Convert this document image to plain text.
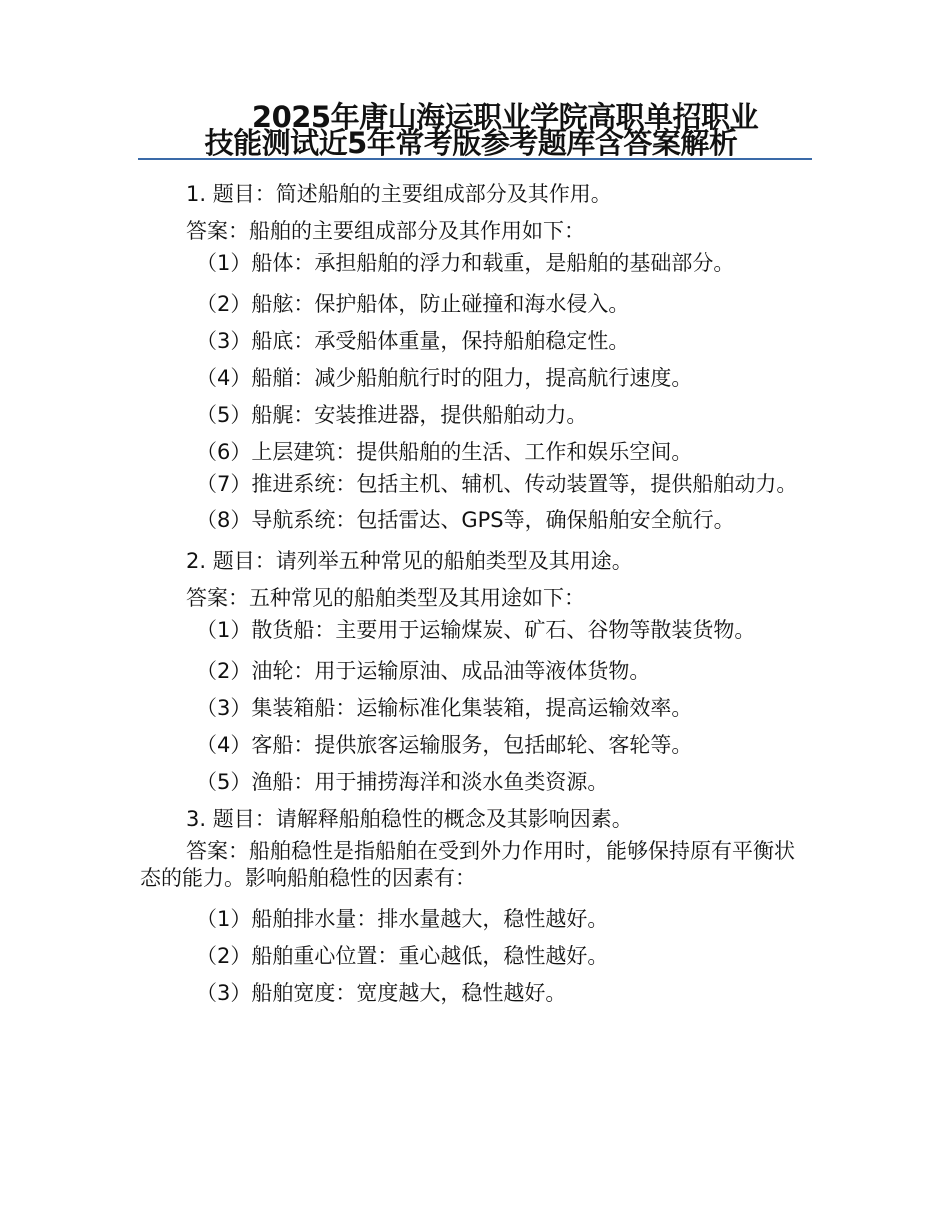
2025年唐山海运职业学院高职单招职业
技能测试近5年常考版参考题库含答案解析

1. 题目：简述船舶的主要组成部分及其作用。

答案：船舶的主要组成部分及其作用如下：

（1）船体：承担船舶的浮力和载重，是船舶的基础部分。

（2）船舷：保护船体，防止碰撞和海水侵入。

（3）船底：承受船体重量，保持船舶稳定性。

（4）船艏：减少船舶航行时的阻力，提高航行速度。

（5）船艉：安装推进器，提供船舶动力。

（6）上层建筑：提供船舶的生活、工作和娱乐空间。

（7）推进系统：包括主机、辅机、传动装置等，提供船舶动力。

（8）导航系统：包括雷达、GPS等，确保船舶安全航行。

2. 题目：请列举五种常见的船舶类型及其用途。

答案：五种常见的船舶类型及其用途如下：

（1）散货船：主要用于运输煤炭、矿石、谷物等散装货物。

（2）油轮：用于运输原油、成品油等液体货物。

（3）集装箱船：运输标准化集装箱，提高运输效率。

（4）客船：提供旅客运输服务，包括邮轮、客轮等。

（5）渔船：用于捕捞海洋和淡水鱼类资源。

3. 题目：请解释船舶稳性的概念及其影响因素。

答案：船舶稳性是指船舶在受到外力作用时，能够保持原有平衡状态的能力。影响船舶稳性的因素有：

（1）船舶排水量：排水量越大，稳性越好。

（2）船舶重心位置：重心越低，稳性越好。

（3）船舶宽度：宽度越大，稳性越好。
